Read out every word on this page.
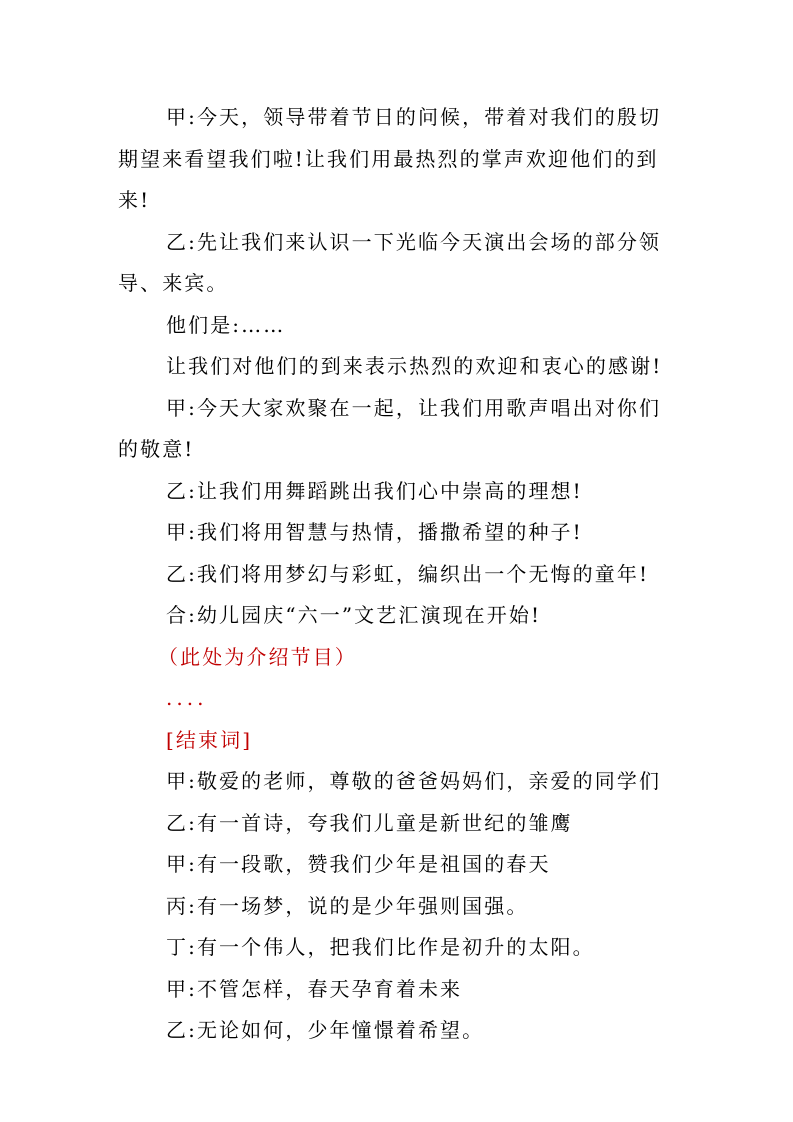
甲:今天，领导带着节日的问候，带着对我们的殷切期望来看望我们啦!让我们用最热烈的掌声欢迎他们的到来!

乙:先让我们来认识一下光临今天演出会场的部分领导、来宾。

他们是:……

让我们对他们的到来表示热烈的欢迎和衷心的感谢!

甲:今天大家欢聚在一起，让我们用歌声唱出对你们的敬意!

乙:让我们用舞蹈跳出我们心中崇高的理想!

甲:我们将用智慧与热情，播撒希望的种子!

乙:我们将用梦幻与彩虹，编织出一个无悔的童年!

合:幼儿园庆“六一”文艺汇演现在开始!

（此处为介绍节目）

....

[结束词]

甲:敬爱的老师，尊敬的爸爸妈妈们，亲爱的同学们

乙:有一首诗，夸我们儿童是新世纪的雏鹰

甲:有一段歌，赞我们少年是祖国的春天

丙:有一场梦，说的是少年强则国强。

丁:有一个伟人，把我们比作是初升的太阳。

甲:不管怎样，春天孕育着未来

乙:无论如何，少年憧憬着希望。
